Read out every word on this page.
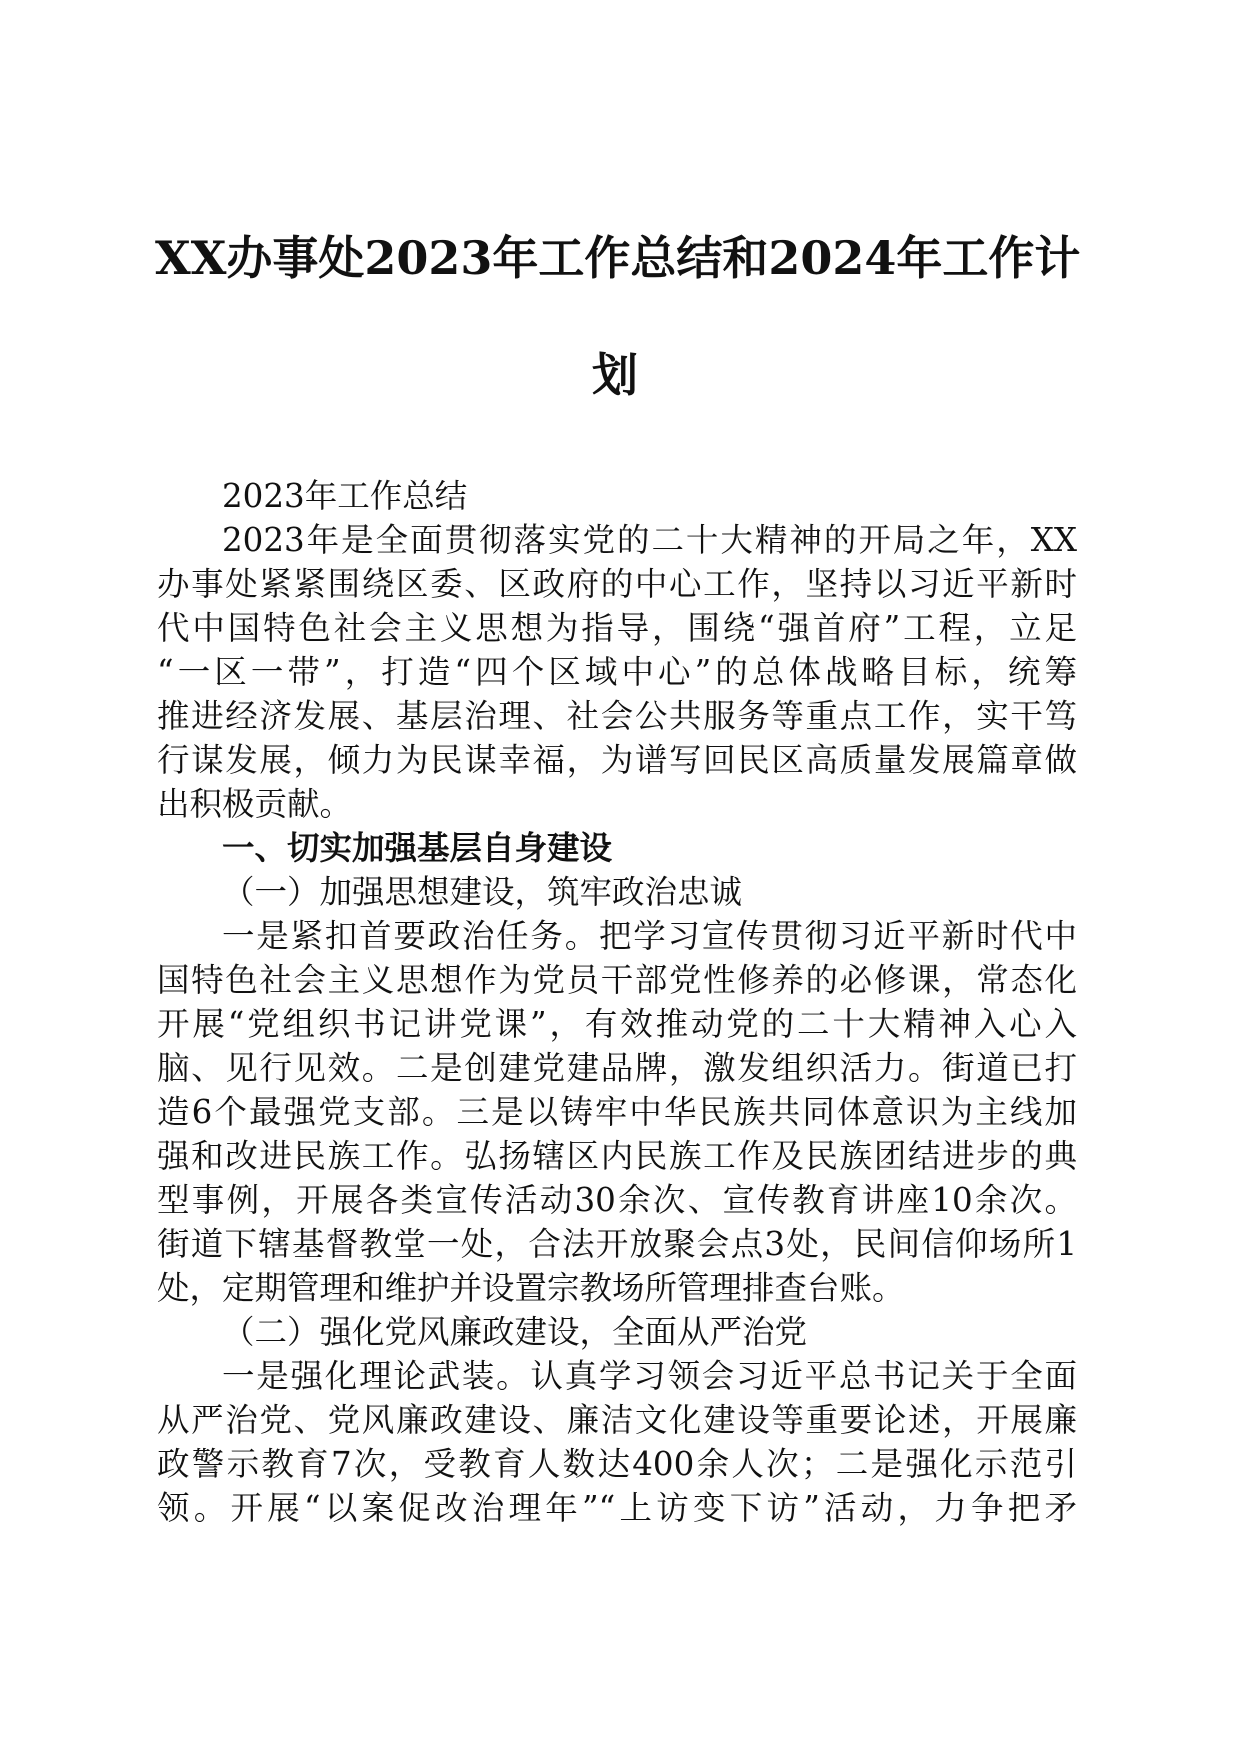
XX办事处2023年工作总结和2024年工作计
划
2023年工作总结
2023年是全面贯彻落实党的二十大精神的开局之年，XX
办事处紧紧围绕区委、区政府的中心工作，坚持以习近平新时
代中国特色社会主义思想为指导，围绕“强首府”工程，立足
“一区一带”，打造“四个区域中心”的总体战略目标，统筹
推进经济发展、基层治理、社会公共服务等重点工作，实干笃
行谋发展，倾力为民谋幸福，为谱写回民区高质量发展篇章做
出积极贡献。
一、切实加强基层自身建设
（一）加强思想建设，筑牢政治忠诚
一是紧扣首要政治任务。把学习宣传贯彻习近平新时代中
国特色社会主义思想作为党员干部党性修养的必修课，常态化
开展“党组织书记讲党课”，有效推动党的二十大精神入心入
脑、见行见效。二是创建党建品牌，激发组织活力。街道已打
造6个最强党支部。三是以铸牢中华民族共同体意识为主线加
强和改进民族工作。弘扬辖区内民族工作及民族团结进步的典
型事例，开展各类宣传活动30余次、宣传教育讲座10余次。
街道下辖基督教堂一处，合法开放聚会点3处，民间信仰场所1
处，定期管理和维护并设置宗教场所管理排查台账。
（二）强化党风廉政建设，全面从严治党
一是强化理论武装。认真学习领会习近平总书记关于全面
从严治党、党风廉政建设、廉洁文化建设等重要论述，开展廉
政警示教育7次，受教育人数达400余人次；二是强化示范引
领。开展“以案促改治理年”“上访变下访”活动，力争把矛
